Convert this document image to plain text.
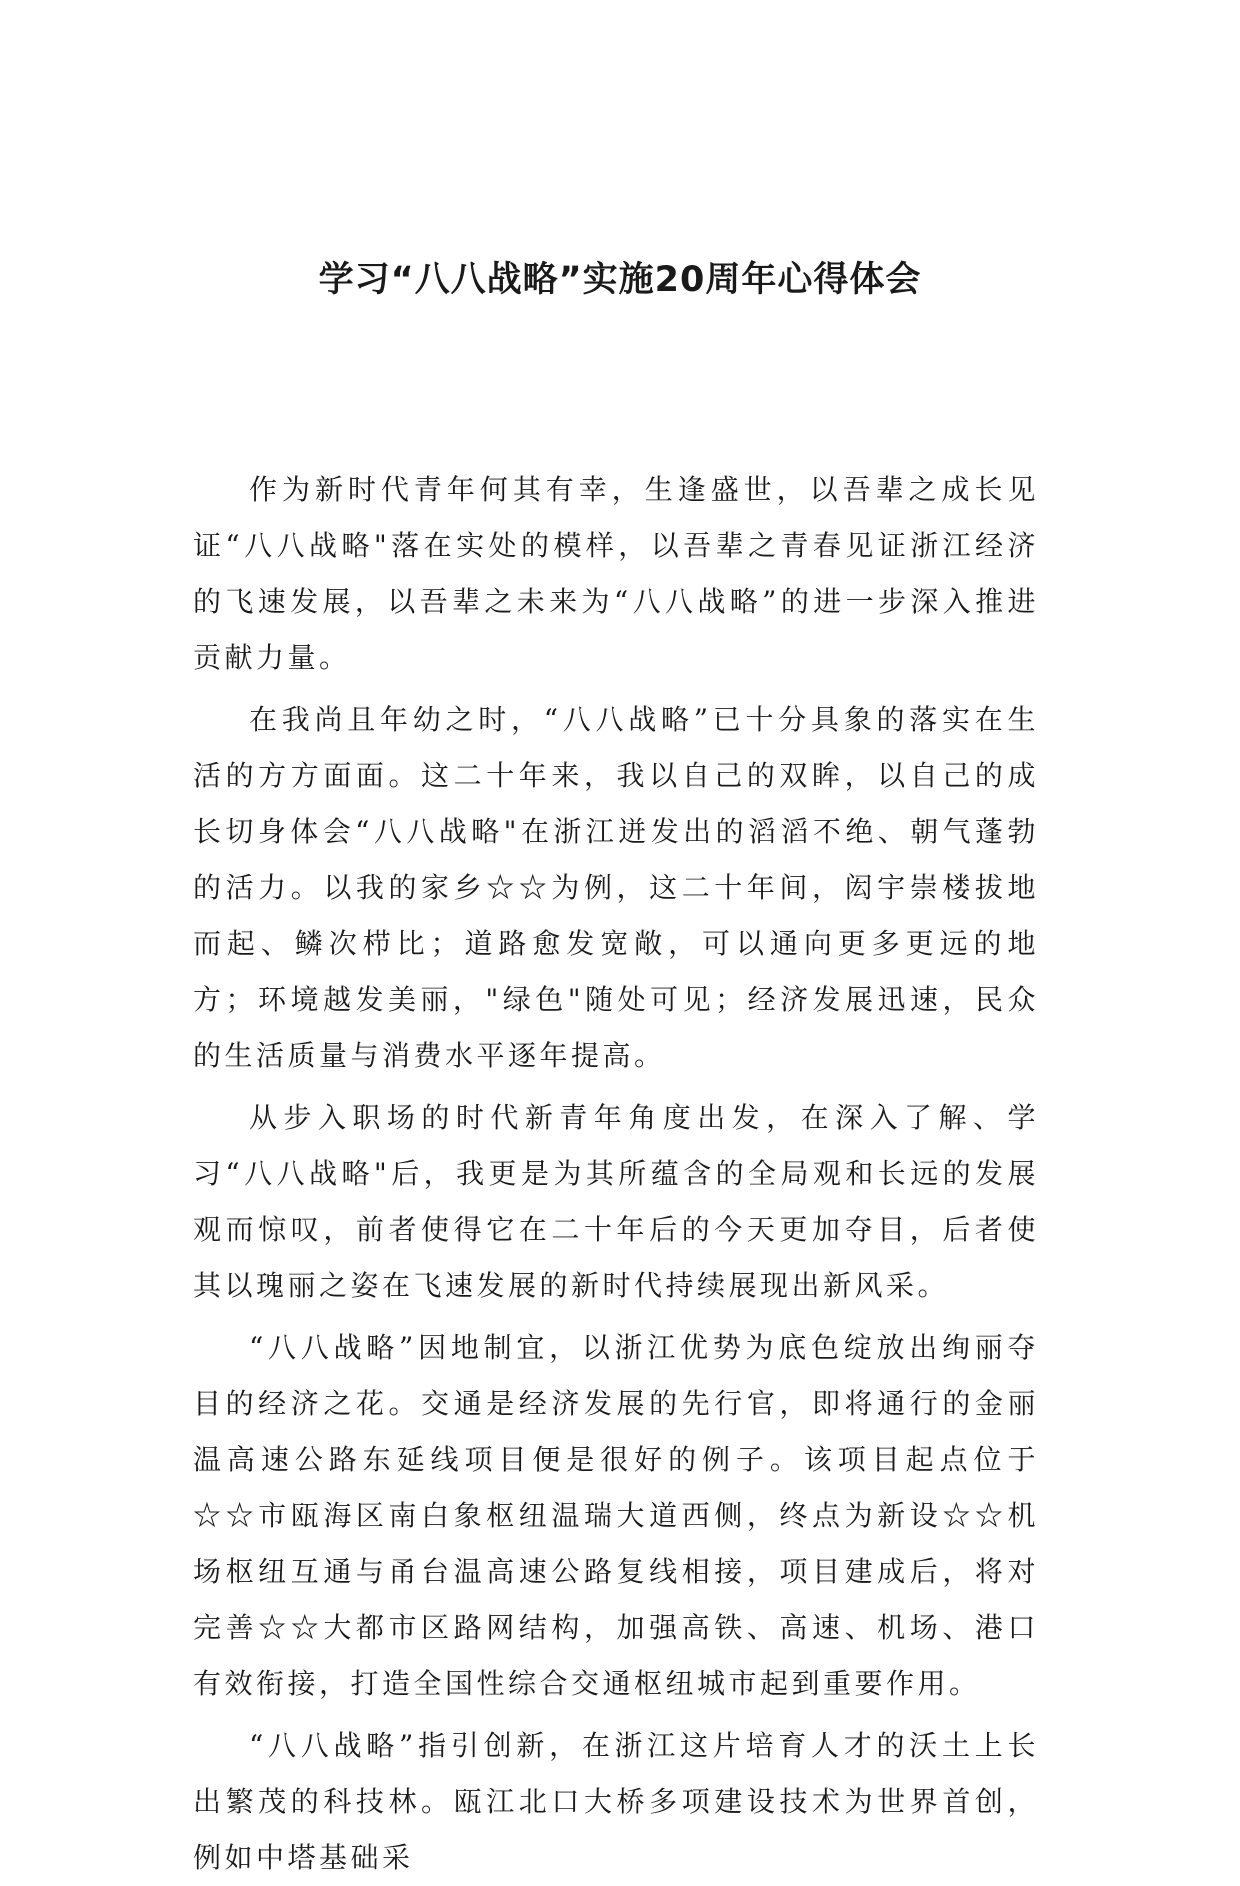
学习“八八战略”实施20周年心得体会

作为新时代青年何其有幸，生逢盛世，以吾辈之成长见证“八八战略"落在实处的模样，以吾辈之青春见证浙江经济的飞速发展，以吾辈之未来为“八八战略”的进一步深入推进贡献力量。

在我尚且年幼之时，“八八战略”已十分具象的落实在生活的方方面面。这二十年来，我以自己的双眸，以自己的成长切身体会“八八战略"在浙江迸发出的滔滔不绝、朝气蓬勃的活力。以我的家乡☆☆为例，这二十年间，闳宇崇楼拔地而起、鳞次栉比；道路愈发宽敞，可以通向更多更远的地方；环境越发美丽，"绿色"随处可见；经济发展迅速，民众的生活质量与消费水平逐年提高。

从步入职场的时代新青年角度出发，在深入了解、学习“八八战略"后，我更是为其所蕴含的全局观和长远的发展观而惊叹，前者使得它在二十年后的今天更加夺目，后者使其以瑰丽之姿在飞速发展的新时代持续展现出新风采。

“八八战略”因地制宜，以浙江优势为底色绽放出绚丽夺目的经济之花。交通是经济发展的先行官，即将通行的金丽温高速公路东延线项目便是很好的例子。该项目起点位于☆☆市瓯海区南白象枢纽温瑞大道西侧，终点为新设☆☆机场枢纽互通与甬台温高速公路复线相接，项目建成后，将对完善☆☆大都市区路网结构，加强高铁、高速、机场、港口有效衔接，打造全国性综合交通枢纽城市起到重要作用。

“八八战略”指引创新，在浙江这片培育人才的沃土上长出繁茂的科技林。瓯江北口大桥多项建设技术为世界首创，例如中塔基础采
